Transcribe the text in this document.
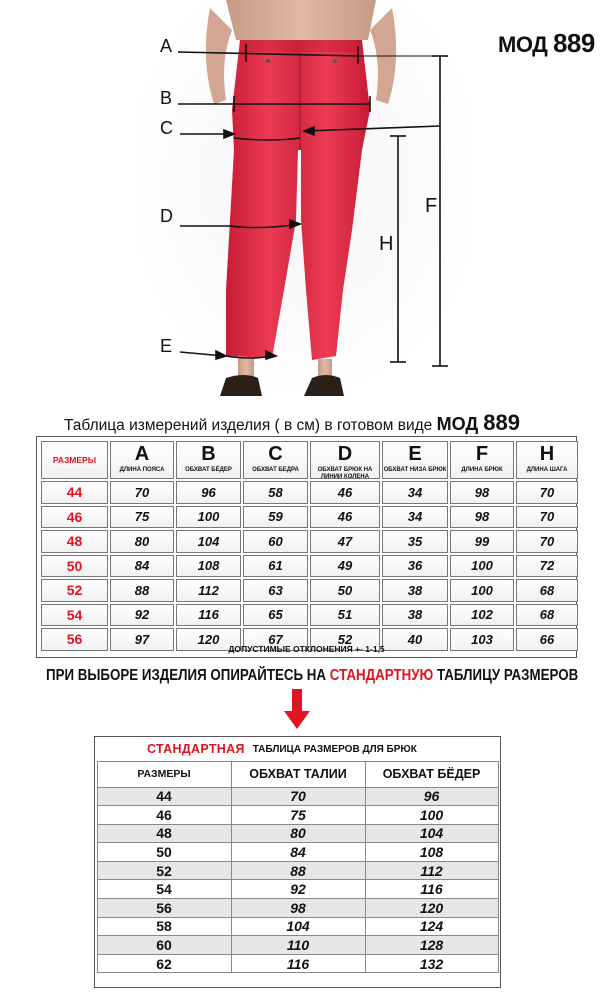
A
B
C
D
E
F
H
МОД 889
Таблица измерений изделия ( в см) в готовом виде МОД 889
РАЗМЕРЫ A
ДЛИНА ПОЯСА
B
ОБХВАТ БЁДЕР
C
ОБХВАТ БЕДРА
D
ОБХВАТ БРЮК НА ЛИНИИ КОЛЕНА
E
ОБХВАТ НИЗА БРЮК
F
ДЛИНА БРЮК
H
ДЛИНА ШАГА
44	70	96	58	46	34	98	70
46	75	100	59	46	34	98	70
48	80	104	60	47	35	99	70
50	84	108	61	49	36	100	72
52	88	112	63	50	38	100	68
54	92	116	65	51	38	102	68
56	97	120	67	52	40	103	66
ДОПУСТИМЫЕ ОТКЛОНЕНИЯ +- 1-1,5
ПРИ ВЫБОРЕ ИЗДЕЛИЯ ОПИРАЙТЕСЬ НА СТАНДАРТНУЮ ТАБЛИЦУ РАЗМЕРОВ
СТАНДАРТНАЯ ТАБЛИЦА РАЗМЕРОВ ДЛЯ БРЮК
РАЗМЕРЫ	ОБХВАТ ТАЛИИ	ОБХВАТ БЁДЕР
44	70	96
46	75	100
48	80	104
50	84	108
52	88	112
54	92	116
56	98	120
58	104	124
60	110	128
62	116	132
